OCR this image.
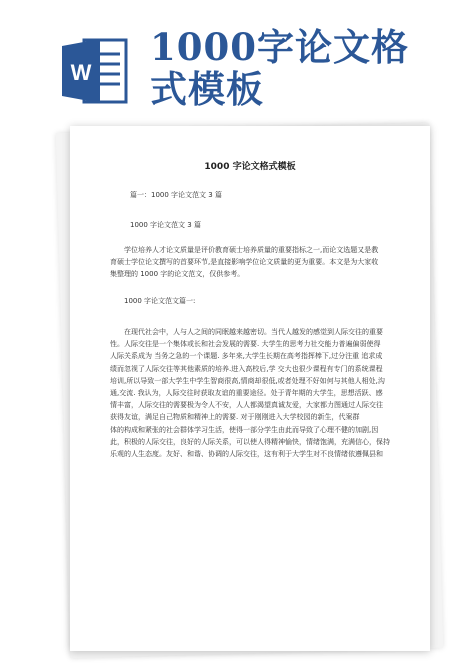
W
1000字论文格
式模板
1000 字论文格式模板
篇一：1000 字论文范文 3 篇
1000 字论文范文 3 篇
学位培养人才论文质量是评价教育硕士培养质量的重要指标之一,而论文选题又是教
育硕士学位论文撰写的首要环节,是直接影响学位论文质量的更为重要。本文是为大家收
集整理的 1000 字的论文范文，仅供参考。
1000 字论文范文篇一:
在现代社会中，人与人之间的同眠越来越密切。当代人越发的感觉到人际交往的重要
性。人际交往是一个集体或长和社会发展的需要. 大学生的思考力社交能力普遍偏弱使得
人际关系成为 当务之急的一个课题. 多年来,大学生长期在高考指挥棒下,过分注重 追求成
绩而忽视了人际交往等其他素质的培养.进入高校后,学 交大也很少课程有专门的系统课程
培训,所以导致一部大学生中学生智商很高,情商却很低,或者处理不好如何与其他人相处,沟
通,交流. 我认为，人际交往时获取友谊的重要途径。处于青年期的大学生，思想活跃、感
情丰富，人际交往的需要极为令人不安，人人都渴望真诚友爱，大家都力图通过人际交往
获得友谊，满足自己物质和精神上的需要. 对于刚刚进入大学校园的新生，代案群
体的构成和紧张的社会群体学习生活，使得一部分学生由此而导致了心理不健的加剧,因
此，积极的人际交往，良好的人际关系，可以使人得精神愉快，情绪饱满，充满信心，保持
乐观的人生态度。友好、和谐、协调的人际交往，这有利于大学生对不良情绪依遵佩县和
